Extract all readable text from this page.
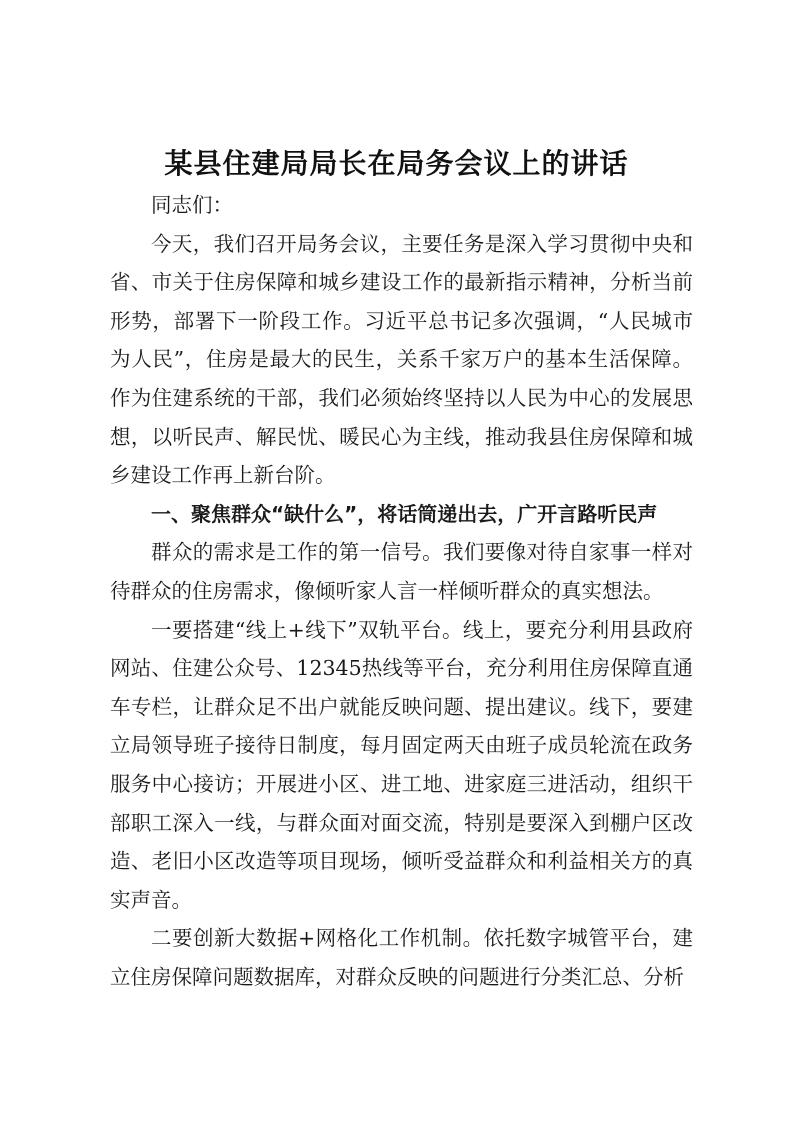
某县住建局局长在局务会议上的讲话

同志们：

今天，我们召开局务会议，主要任务是深入学习贯彻中央和省、市关于住房保障和城乡建设工作的最新指示精神，分析当前形势，部署下一阶段工作。习近平总书记多次强调，“人民城市为人民”，住房是最大的民生，关系千家万户的基本生活保障。作为住建系统的干部，我们必须始终坚持以人民为中心的发展思想，以听民声、解民忧、暖民心为主线，推动我县住房保障和城乡建设工作再上新台阶。

一、聚焦群众“缺什么”，将话筒递出去，广开言路听民声

群众的需求是工作的第一信号。我们要像对待自家事一样对待群众的住房需求，像倾听家人言一样倾听群众的真实想法。

一要搭建“线上+线下”双轨平台。线上，要充分利用县政府网站、住建公众号、12345热线等平台，充分利用住房保障直通车专栏，让群众足不出户就能反映问题、提出建议。线下，要建立局领导班子接待日制度，每月固定两天由班子成员轮流在政务服务中心接访；开展进小区、进工地、进家庭三进活动，组织干部职工深入一线，与群众面对面交流，特别是要深入到棚户区改造、老旧小区改造等项目现场，倾听受益群众和利益相关方的真实声音。

二要创新大数据+网格化工作机制。依托数字城管平台，建立住房保障问题数据库，对群众反映的问题进行分类汇总、分析
